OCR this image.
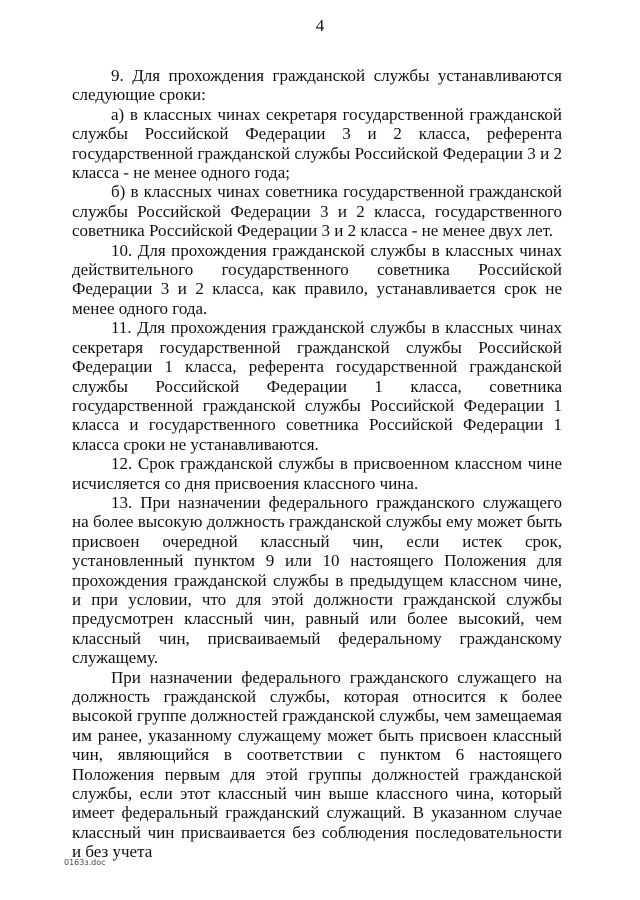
4

9. Для прохождения гражданской службы устанавливаются следующие сроки:

а) в классных чинах секретаря государственной гражданской службы Российской Федерации 3 и 2 класса, референта государственной гражданской службы Российской Федерации 3 и 2 класса - не менее одного года;

б) в классных чинах советника государственной гражданской службы Российской Федерации 3 и 2 класса, государственного советника Российской Федерации 3 и 2 класса - не менее двух лет.

10. Для прохождения гражданской службы в классных чинах действительного государственного советника Российской Федерации 3 и 2 класса, как правило, устанавливается срок не менее одного года.

11. Для прохождения гражданской службы в классных чинах секретаря государственной гражданской службы Российской Федерации 1 класса, референта государственной гражданской службы Российской Федерации 1 класса, советника государственной гражданской службы Российской Федерации 1 класса и государственного советника Российской Федерации 1 класса сроки не устанавливаются.

12. Срок гражданской службы в присвоенном классном чине исчисляется со дня присвоения классного чина.

13. При назначении федерального гражданского служащего на более высокую должность гражданской службы ему может быть присвоен очередной классный чин, если истек срок, установленный пунктом 9 или 10 настоящего Положения для прохождения гражданской службы в предыдущем классном чине, и при условии, что для этой должности гражданской службы предусмотрен классный чин, равный или более высокий, чем классный чин, присваиваемый федеральному гражданскому служащему.

При назначении федерального гражданского служащего на должность гражданской службы, которая относится к более высокой группе должностей гражданской службы, чем замещаемая им ранее, указанному служащему может быть присвоен классный чин, являющийся в соответствии с пунктом 6 настоящего Положения первым для этой группы должностей гражданской службы, если этот классный чин выше классного чина, который имеет федеральный гражданский служащий. В указанном случае классный чин присваивается без соблюдения последовательности и без учета

0163з.doc
